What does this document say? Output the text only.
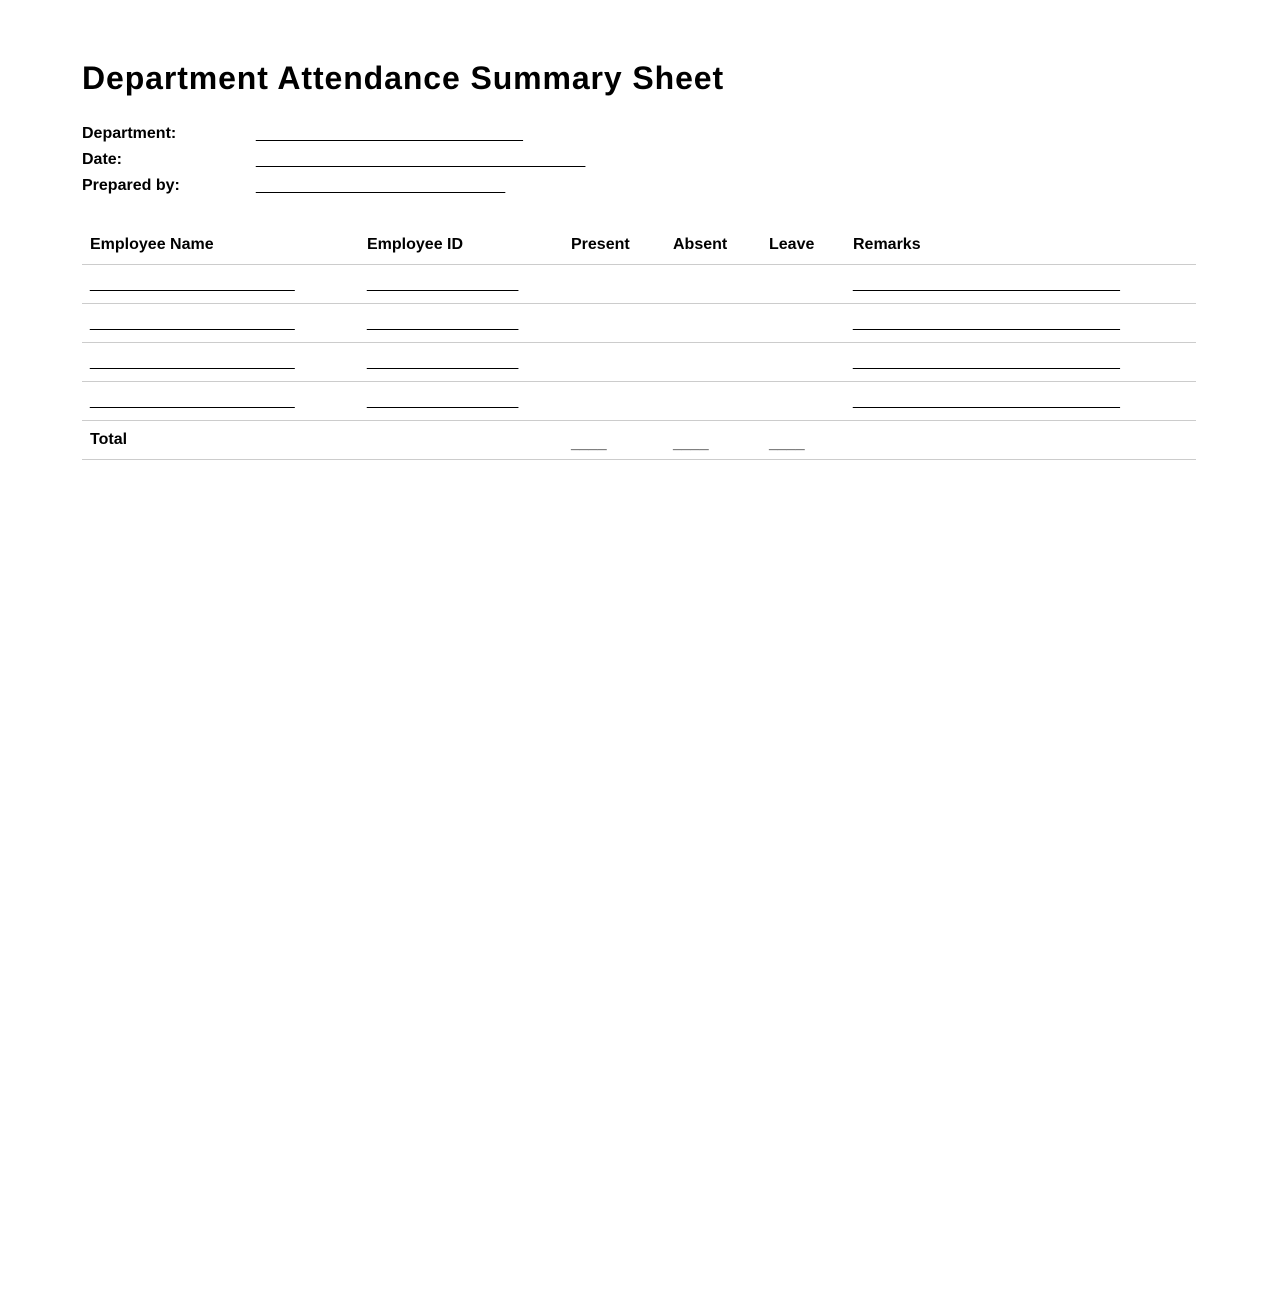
Department Attendance Summary Sheet
Department:	______________________________
Date:	_____________________________________
Prepared by:	____________________________
Employee Name	Employee ID	Present	Absent	Leave	Remarks
_______________________	_________________				______________________________
_______________________	_________________				______________________________
_______________________	_________________				______________________________
_______________________	_________________				______________________________
Total		____	____	____	
